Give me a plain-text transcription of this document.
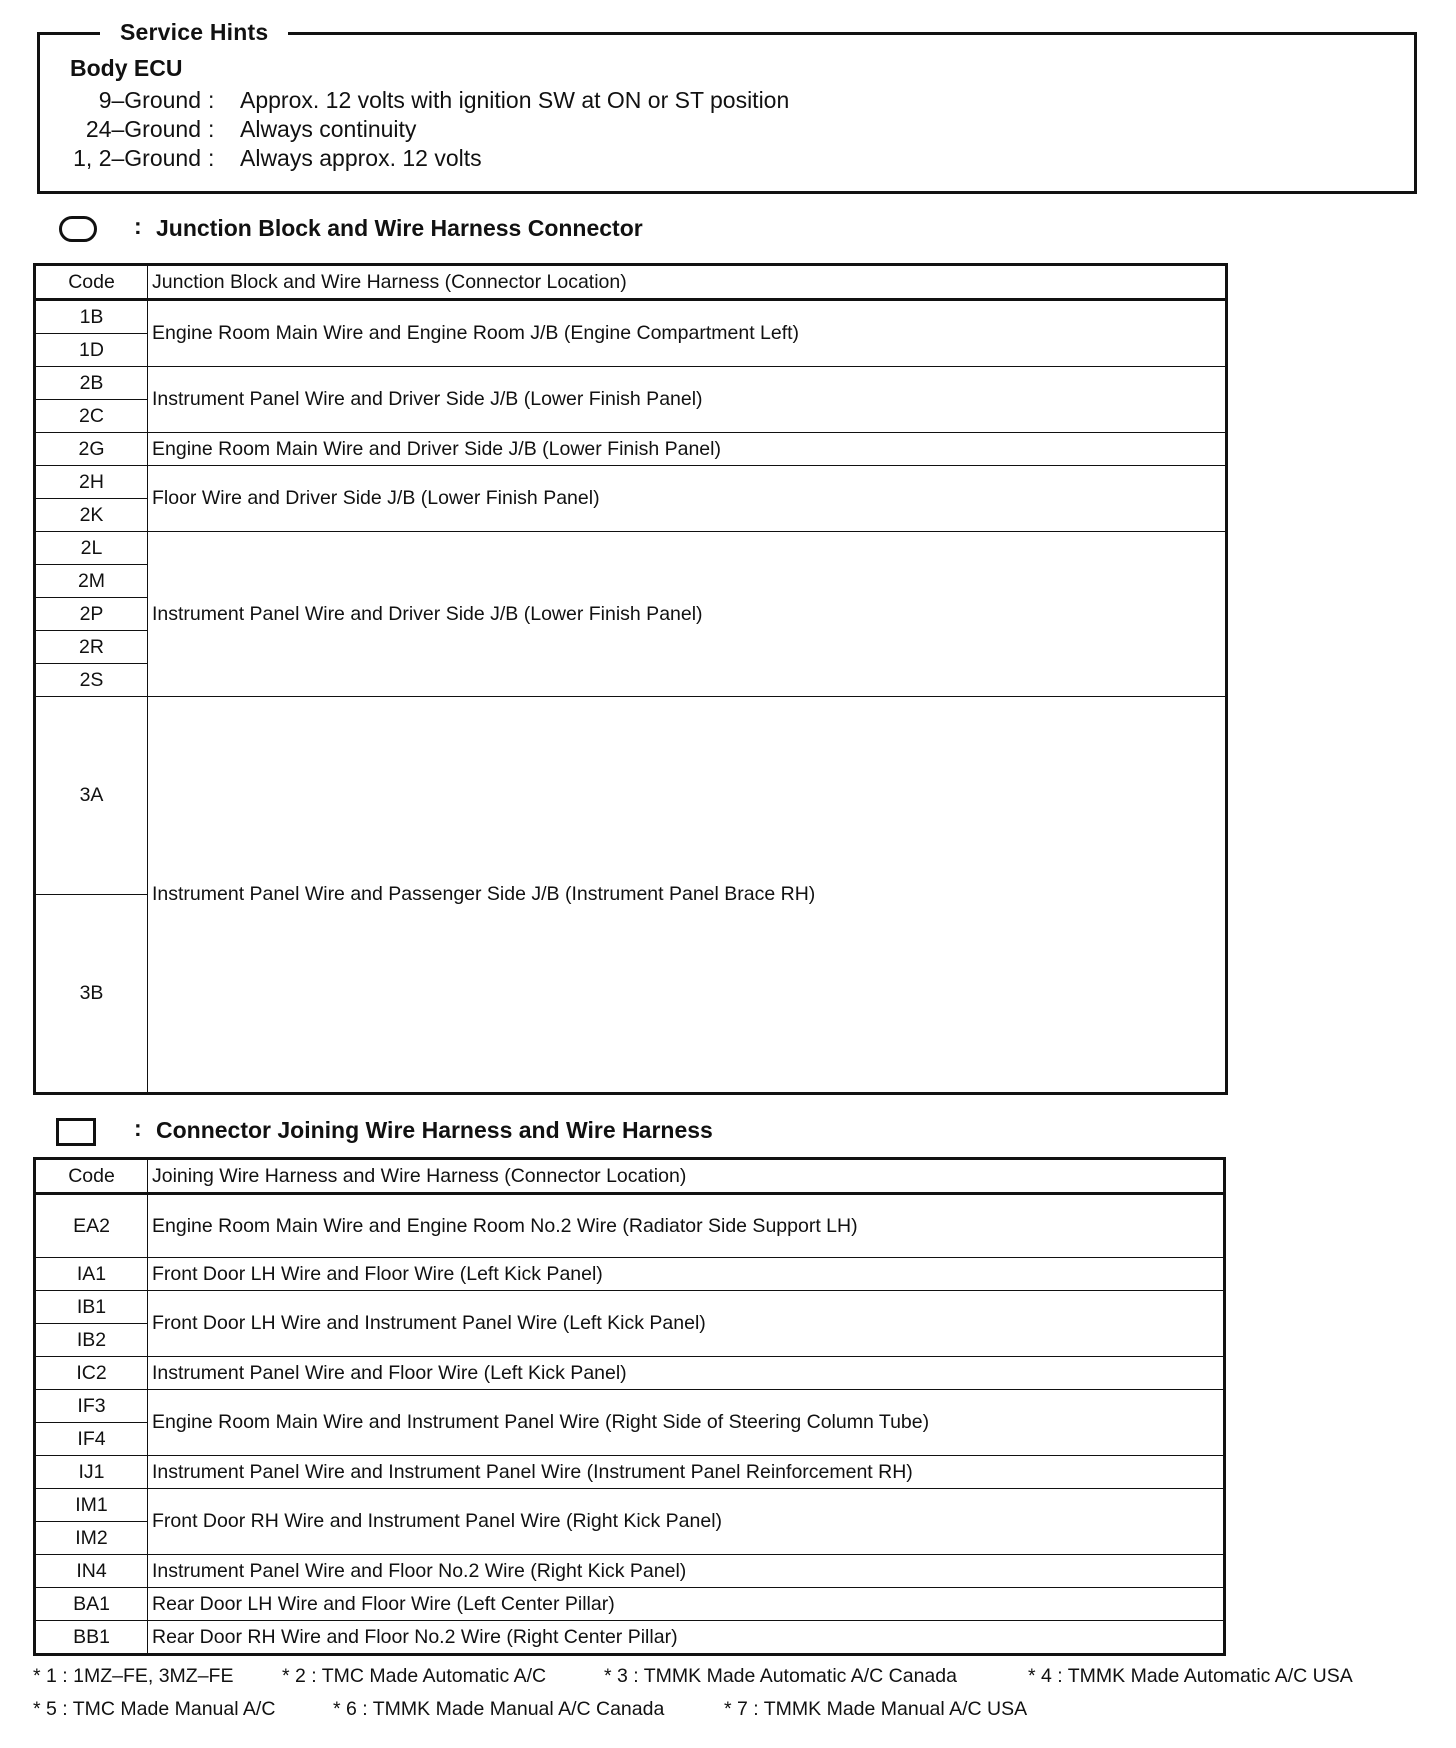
Service Hints
Body ECU
9–Ground : Approx. 12 volts with ignition SW at ON or ST position
24–Ground : Always continuity
1, 2–Ground : Always approx. 12 volts
: Junction Block and Wire Harness Connector
Code	Junction Block and Wire Harness (Connector Location)
1B	Engine Room Main Wire and Engine Room J/B (Engine Compartment Left)
1D	
2B	Instrument Panel Wire and Driver Side J/B (Lower Finish Panel)
2C	
2G	Engine Room Main Wire and Driver Side J/B (Lower Finish Panel)
2H	Floor Wire and Driver Side J/B (Lower Finish Panel)
2K	
2L	Instrument Panel Wire and Driver Side J/B (Lower Finish Panel)
2M	
2P	
2R	
2S	
3A	Instrument Panel Wire and Passenger Side J/B (Instrument Panel Brace RH)
3B	
: Connector Joining Wire Harness and Wire Harness
Code	Joining Wire Harness and Wire Harness (Connector Location)
EA2	Engine Room Main Wire and Engine Room No.2 Wire (Radiator Side Support LH)
IA1	Front Door LH Wire and Floor Wire (Left Kick Panel)
IB1	Front Door LH Wire and Instrument Panel Wire (Left Kick Panel)
IB2	
IC2	Instrument Panel Wire and Floor Wire (Left Kick Panel)
IF3	Engine Room Main Wire and Instrument Panel Wire (Right Side of Steering Column Tube)
IF4	
IJ1	Instrument Panel Wire and Instrument Panel Wire (Instrument Panel Reinforcement RH)
IM1	Front Door RH Wire and Instrument Panel Wire (Right Kick Panel)
IM2	
IN4	Instrument Panel Wire and Floor No.2 Wire (Right Kick Panel)
BA1	Rear Door LH Wire and Floor Wire (Left Center Pillar)
BB1	Rear Door RH Wire and Floor No.2 Wire (Right Center Pillar)
* 1 : 1MZ–FE, 3MZ–FE * 2 : TMC Made Automatic A/C	* 3 : TMMK Made Automatic A/C Canada	* 4 : TMMK Made Automatic A/C USA
* 5 : TMC Made Manual A/C	* 6 : TMMK Made Manual A/C Canada	* 7 : TMMK Made Manual A/C USA
